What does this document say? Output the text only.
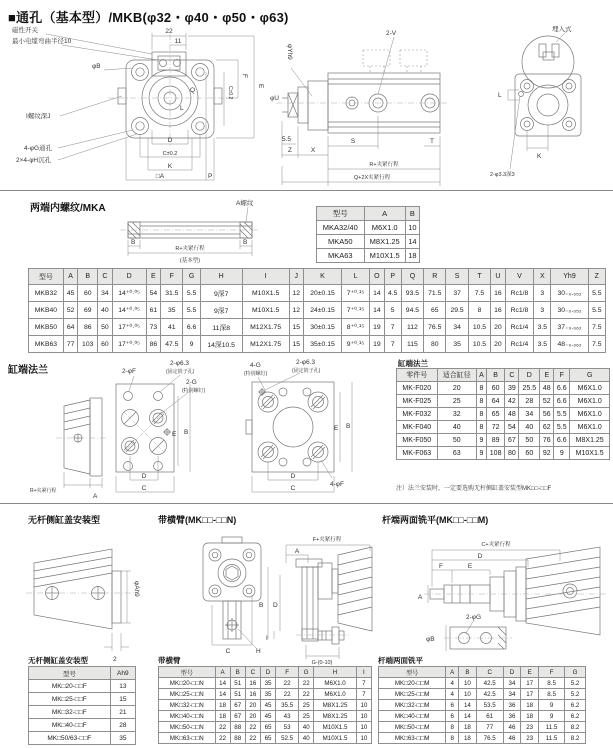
■通孔（基本型）/MKB(φ32・φ40・φ50・φ63)
磁性开关
最小电缆弯曲半径10
22
11
φB
I螺纹深J
4-φG通孔
2×4-φH沉孔
D
C±0.2
K
□A	P
L
Q
F
C±0.2	E
2-V
φYh9
φU
5.5
Z	X
S	T
R+夹紧行程
Q+2X夹紧行程
埋入式
L
K
2-φ3.3深3
两端内螺纹/MKA	A螺纹
B	B
R+夹紧行程
(基本型)
型号	A	B
MKA32/40	M6X1.0	10
MKA50	M8X1.25	14
MKA63	M10X1.5	18
型号	A	B	C	D	E	F	G	H	I	J	K	L	O	P	Q	R	S	T	U	V	X	Yh9	Z
MKB32	45	60	34	14⁺⁰·⁰⁵	54	31.5	5.5	9深7	M10X1.5	12	20±0.15	7⁺⁰·¹⁵	14	4.5	93.5	71.5	37	7.5	16	Rc1/8	3	30₋₀.₀₅₂	5.5
MKB40	52	69	40	14⁺⁰·⁰⁵	61	35	5.5	9深7	M10X1.5	12	24±0.15	7⁺⁰·¹⁵	14	5	94.5	65	29.5	8	16	Rc1/8	3	30₋₀.₀₅₂	5.5
MKB50	64	86	50	17⁺⁰·⁰⁵	73	41	6.6	11深8	M12X1.75	15	30±0.15	8⁺⁰·¹⁵	19	7	112	76.5	34	10.5	20	Rc1/4	3.5	37₋₀.₀₆₂	7.5
MKB63	77	103	60	17⁺⁰·⁰⁵	86	47.5	9	14深10.5	M12X1.75	15	35±0.15	9⁺⁰·¹⁵	19	7	115	80	35	10.5	20	Rc1/4	3.5	48₋₀.₀₆₂	7.5
缸端法兰
R+夹紧行程
A
2-φF
2-φ6.3
(固定销子孔)
2-G
(特别螺钉)
E B
D
C
4-G
(特别螺钉)
2-φ6.3
(固定销子孔)
4-φF
E B
D
C
缸端法兰
零件号	适合缸径	A	B	C	D	E	F	G
MK-F020	20	8	60	39	25.5	48	6.6	M6X1.0
MK-F025	25	8	64	42	28	52	6.6	M6X1.0
MK-F032	32	8	65	48	34	56	5.5	M6X1.0
MK-F040	40	8	72	54	40	62	5.5	M6X1.0
MK-F050	50	9	89	67	50	76	6.6	M8X1.25
MK-F063	63	9	108	80	60	92	9	M10X1.5
注）法兰安装时，一定要选购无杆侧缸盖安装型MK□□-□□F
无杆侧缸盖安装型	带横臂(MK□□-□□N)	杆端两面铣平(MK□□-□□M)
φAh9
2
C	H
F+夹紧行程
A
B D
I
G-(0-10)
C+夹紧行程
D
F	E
A
2-φG
φB
无杆侧缸盖安装型
型号	Ah9
MK□20-□□F	13
MK□25-□□F	15
MK□32-□□F	21
MK□40-□□F	28
MK□50/63-□□F	35
带横臂
型号	A	B	C	D	F	G	H	I
MK□20-□□N	14	51	16	35	22	22	M6X1.0	7
MK□25-□□N	14	51	16	35	22	22	M6X1.0	7
MK□32-□□N	18	67	20	45	35.5	25	M8X1.25	10
MK□40-□□N	18	67	20	45	43	25	M8X1.25	10
MK□50-□□N	22	88	22	65	53	40	M10X1.5	10
MK□63-□□N	22	88	22	65	52.5	40	M10X1.5	10
杆端两面铣平
型号	A	B	C	D	E	F	G
MK□20-□□M	4	10	42.5	34	17	8.5	5.2
MK□25-□□M	4	10	42.5	34	17	8.5	5.2
MK□32-□□M	6	14	53.5	36	18	9	6.2
MK□40-□□M	6	14	61	36	18	9	6.2
MK□50-□□M	8	18	77	46	23	11.5	8.2
MK□63-□□M	8	18	76.5	46	23	11.5	8.2
